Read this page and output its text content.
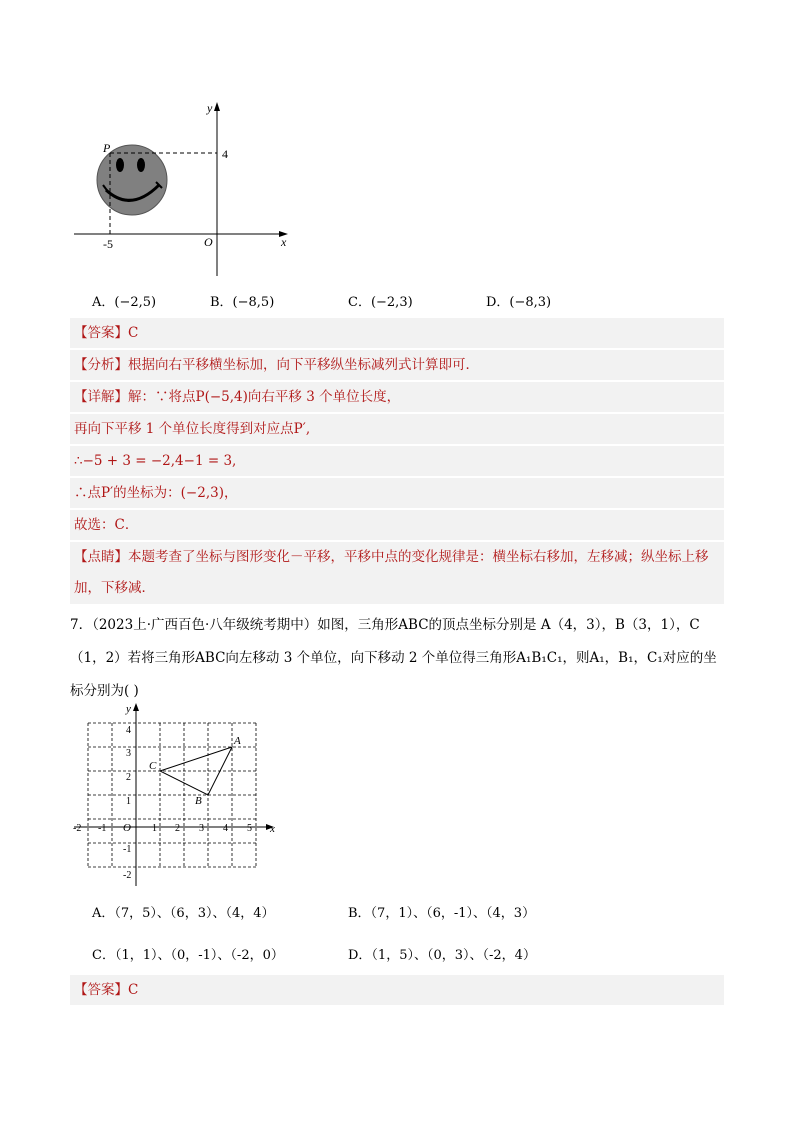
y
x
P	4
-5	O
A．(−2,5)	B．(−8,5)	C．(−2,3)	D．(−8,3)
【答案】C
【分析】根据向右平移横坐标加，向下平移纵坐标减列式计算即可．
【详解】解：∵将点P(−5,4)向右平移 3 个单位长度，
再向下平移 1 个单位长度得到对应点P′,
∴−5 + 3 = −2,4−1 = 3,
∴点P′的坐标为：(−2,3)，
故选：C．
【点睛】本题考查了坐标与图形变化－平移，平移中点的变化规律是：横坐标右移加，左移减；纵坐标上移加，下移减．
7．（2023上·广西百色·八年级统考期中）如图，三角形ABC的顶点坐标分别是 A（4，3），B（3，1），C
（1，2）若将三角形ABC向左移动 3 个单位，向下移动 2 个单位得三角形A₁B₁C₁，则A₁，B₁，C₁对应的坐
标分别为( )
y
x
O
A
B
C
-2 -1	1 2 3 4 5
4
3
2
1
-1
-2
A．（7，5）、（6，3）、（4，4）	B．（7，1）、（6，-1）、（4，3）
C．（1，1）、（0，-1）、（-2，0）	D．（1，5）、（0，3）、（-2，4）
【答案】C
